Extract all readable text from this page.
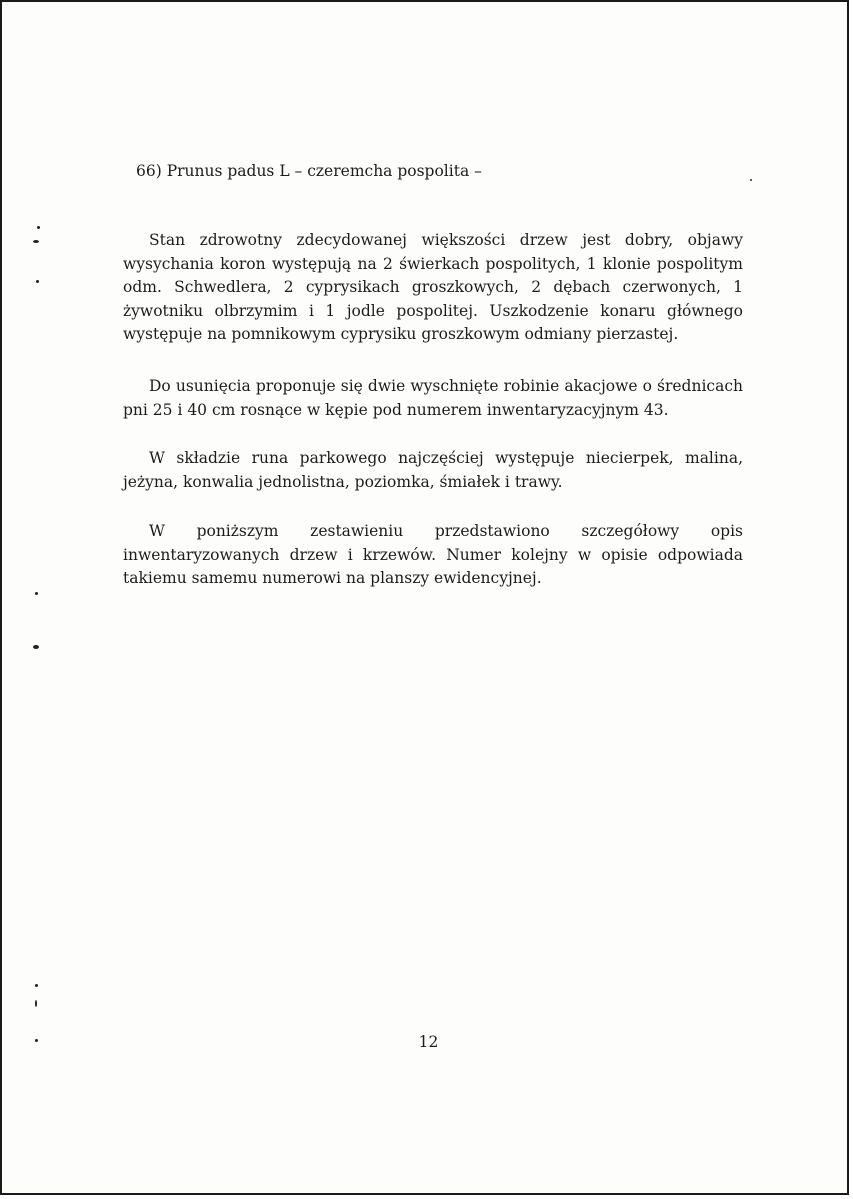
66) Prunus padus L – czeremcha pospolita –
Stan zdrowotny zdecydowanej większości drzew jest dobry, objawy wysychania koron występują na 2 świerkach pospolitych, 1 klonie pospolitym odm. Schwedlera, 2 cyprysikach groszkowych, 2 dębach czerwonych, 1 żywotniku olbrzymim i 1 jodle pospolitej. Uszkodzenie konaru głównego występuje na pomnikowym cyprysiku groszkowym odmiany pierzastej.
Do usunięcia proponuje się dwie wyschnięte robinie akacjowe o średnicach pni 25 i 40 cm rosnące w kępie pod numerem inwentaryzacyjnym 43.
W składzie runa parkowego najczęściej występuje niecierpek, malina, jeżyna, konwalia jednolistna, poziomka, śmiałek i trawy.
W poniższym zestawieniu przedstawiono szczegółowy opis inwentaryzowanych drzew i krzewów. Numer kolejny w opisie odpowiada takiemu samemu numerowi na planszy ewidencyjnej.
12
